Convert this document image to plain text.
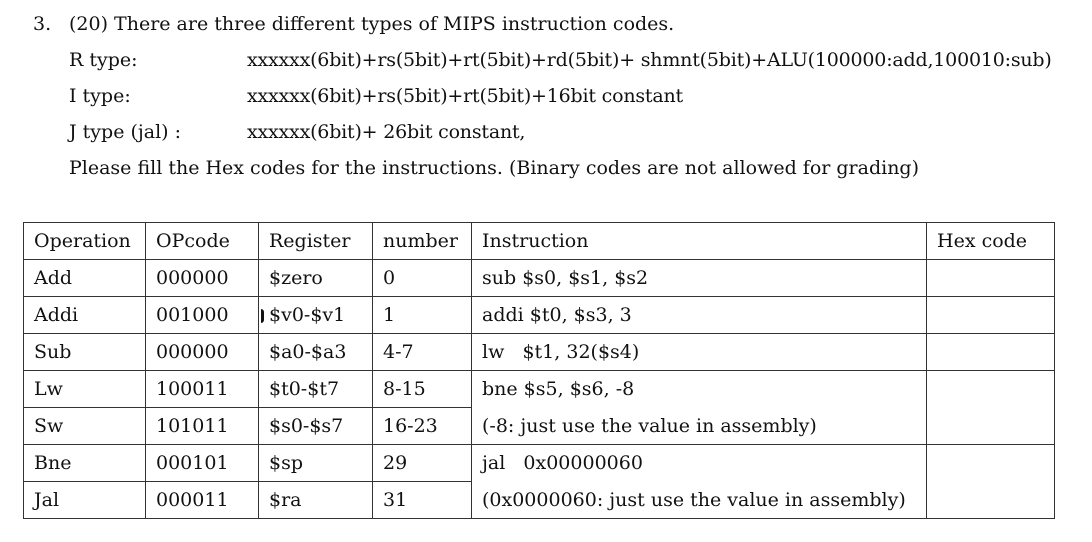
3. (20) There are three different types of MIPS instruction codes.
R type:	xxxxxx(6bit)+rs(5bit)+rt(5bit)+rd(5bit)+ shmnt(5bit)+ALU(100000:add,100010:sub)
I type:	xxxxxx(6bit)+rs(5bit)+rt(5bit)+16bit constant
J type (jal) :	xxxxxx(6bit)+ 26bit constant,
Please fill the Hex codes for the instructions. (Binary codes are not allowed for grading)
Operation	OPcode	Register	number	Instruction	Hex code
Add	000000	$zero	0	sub $s0, $s1, $s2	
Addi	001000	$v0-$v1	1	addi $t0, $s3, 3	
Sub	000000	$a0-$a3	4-7	lw   $t1, 32($s4)	
Lw	100011	$t0-$t7	8-15	bne $s5, $s6, -8	
Sw	101011	$s0-$s7	16-23	(-8: just use the value in assembly)	
Bne	000101	$sp	29	jal   0x00000060	
Jal	000011	$ra	31	(0x0000060: just use the value in assembly)	
